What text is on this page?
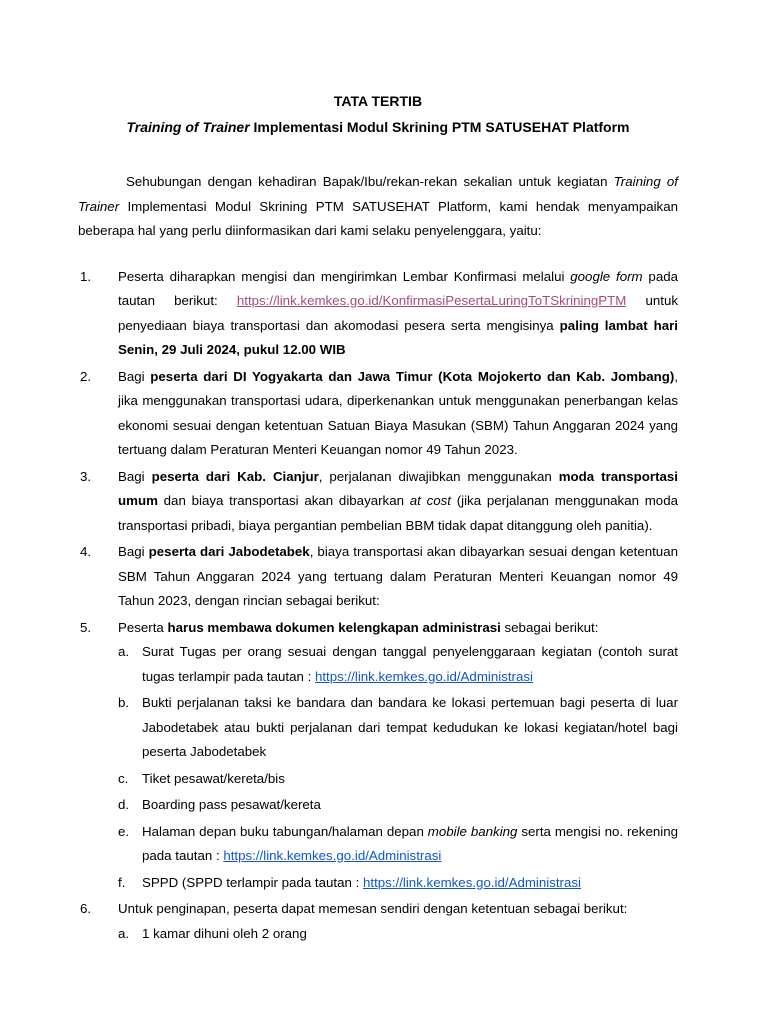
TATA TERTIB

Training of Trainer Implementasi Modul Skrining PTM SATUSEHAT Platform

Sehubungan dengan kehadiran Bapak/Ibu/rekan-rekan sekalian untuk kegiatan Training of Trainer Implementasi Modul Skrining PTM SATUSEHAT Platform, kami hendak menyampaikan beberapa hal yang perlu diinformasikan dari kami selaku penyelenggara, yaitu:

1. Peserta diharapkan mengisi dan mengirimkan Lembar Konfirmasi melalui google form pada tautan berikut: https://link.kemkes.go.id/KonfirmasiPesertaLuringToTSkriningPTM untuk penyediaan biaya transportasi dan akomodasi pesera serta mengisinya paling lambat hari Senin, 29 Juli 2024, pukul 12.00 WIB
2. Bagi peserta dari DI Yogyakarta dan Jawa Timur (Kota Mojokerto dan Kab. Jombang), jika menggunakan transportasi udara, diperkenankan untuk menggunakan penerbangan kelas ekonomi sesuai dengan ketentuan Satuan Biaya Masukan (SBM) Tahun Anggaran 2024 yang tertuang dalam Peraturan Menteri Keuangan nomor 49 Tahun 2023.
3. Bagi peserta dari Kab. Cianjur, perjalanan diwajibkan menggunakan moda transportasi umum dan biaya transportasi akan dibayarkan at cost (jika perjalanan menggunakan moda transportasi pribadi, biaya pergantian pembelian BBM tidak dapat ditanggung oleh panitia).
4. Bagi peserta dari Jabodetabek, biaya transportasi akan dibayarkan sesuai dengan ketentuan SBM Tahun Anggaran 2024 yang tertuang dalam Peraturan Menteri Keuangan nomor 49 Tahun 2023, dengan rincian sebagai berikut:
5. Peserta harus membawa dokumen kelengkapan administrasi sebagai berikut:
a. Surat Tugas per orang sesuai dengan tanggal penyelenggaraan kegiatan (contoh surat tugas terlampir pada tautan : https://link.kemkes.go.id/Administrasi
b. Bukti perjalanan taksi ke bandara dan bandara ke lokasi pertemuan bagi peserta di luar Jabodetabek atau bukti perjalanan dari tempat kedudukan ke lokasi kegiatan/hotel bagi peserta Jabodetabek
c. Tiket pesawat/kereta/bis
d. Boarding pass pesawat/kereta
e. Halaman depan buku tabungan/halaman depan mobile banking serta mengisi no. rekening pada tautan : https://link.kemkes.go.id/Administrasi
f. SPPD (SPPD terlampir pada tautan : https://link.kemkes.go.id/Administrasi
6. Untuk penginapan, peserta dapat memesan sendiri dengan ketentuan sebagai berikut:
a. 1 kamar dihuni oleh 2 orang
